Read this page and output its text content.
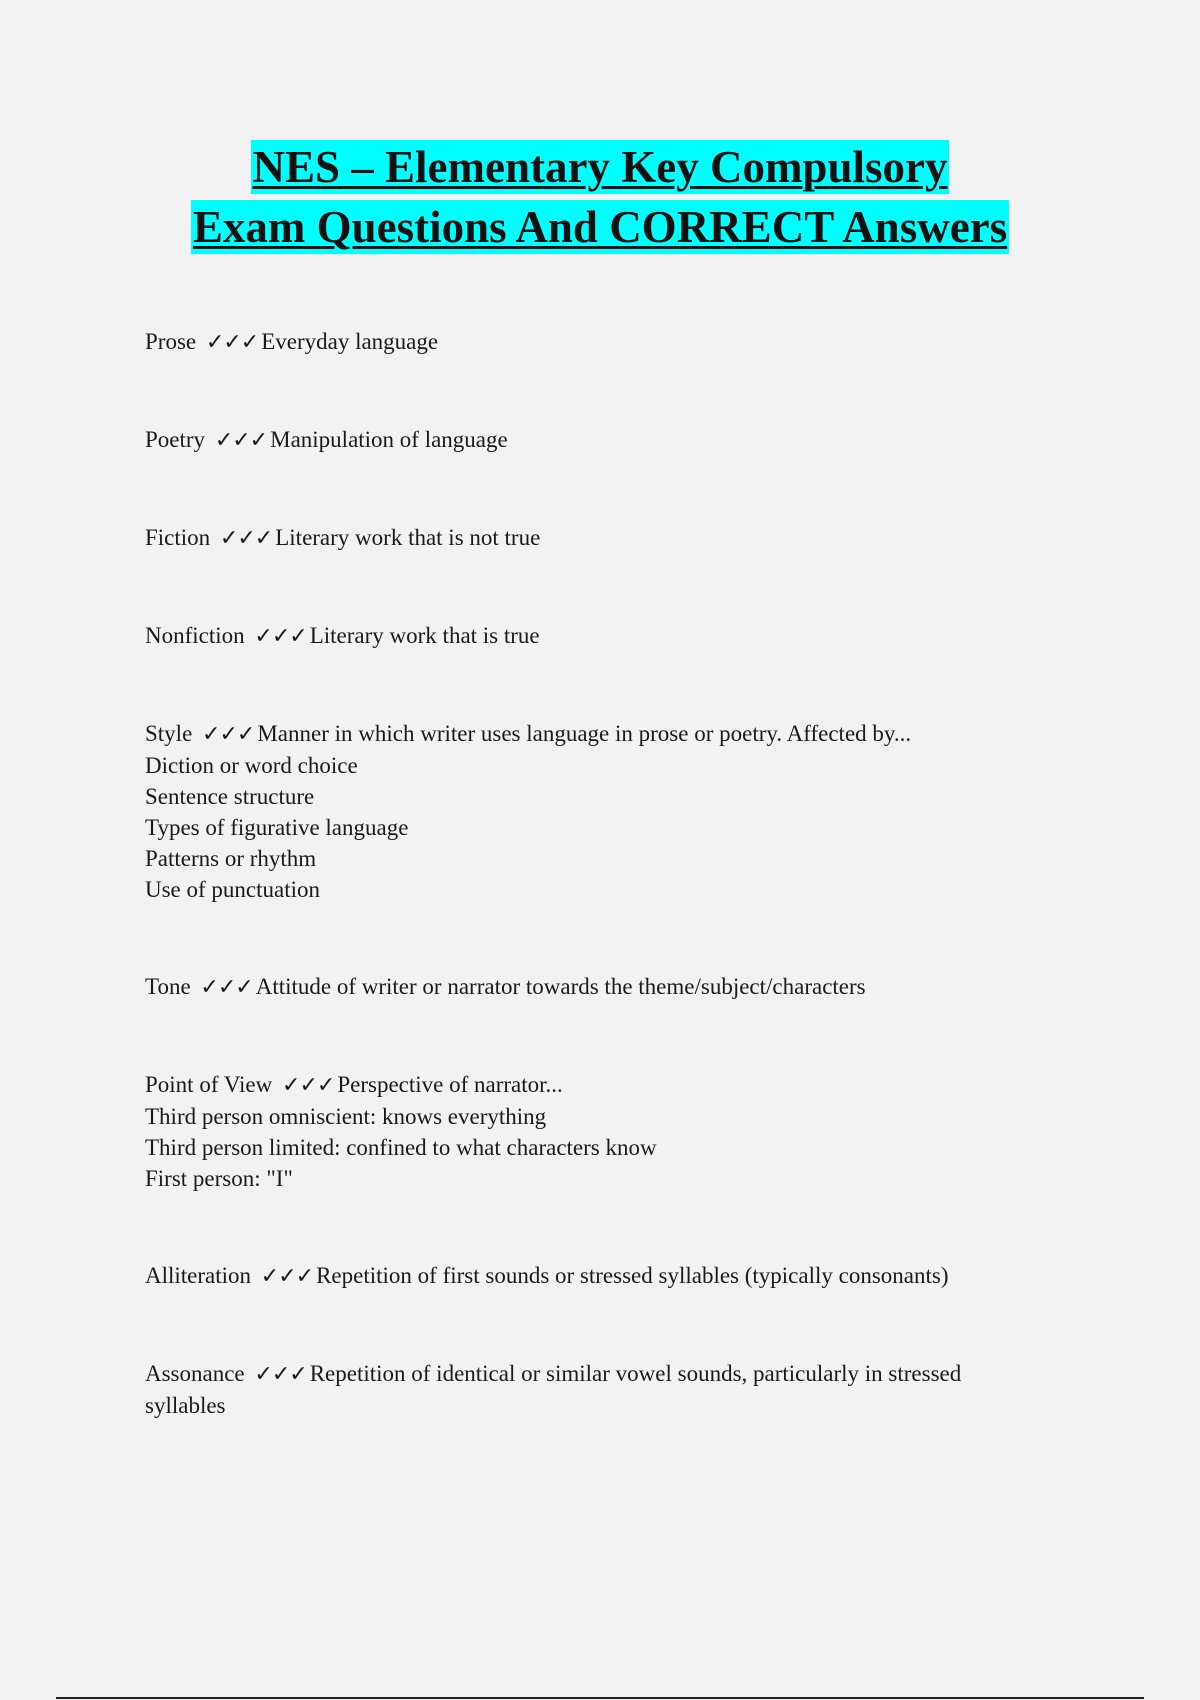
NES – Elementary Key Compulsory
Exam Questions And CORRECT Answers

Prose ✓✓✓ Everyday language

Poetry ✓✓✓ Manipulation of language

Fiction ✓✓✓ Literary work that is not true

Nonfiction ✓✓✓ Literary work that is true

Style ✓✓✓ Manner in which writer uses language in prose or poetry. Affected by...

Diction or word choice

Sentence structure

Types of figurative language

Patterns or rhythm

Use of punctuation

Tone ✓✓✓ Attitude of writer or narrator towards the theme/subject/characters

Point of View ✓✓✓ Perspective of narrator...

Third person omniscient: knows everything

Third person limited: confined to what characters know

First person: "I"

Alliteration ✓✓✓ Repetition of first sounds or stressed syllables (typically consonants)

Assonance ✓✓✓ Repetition of identical or similar vowel sounds, particularly in stressed syllables
